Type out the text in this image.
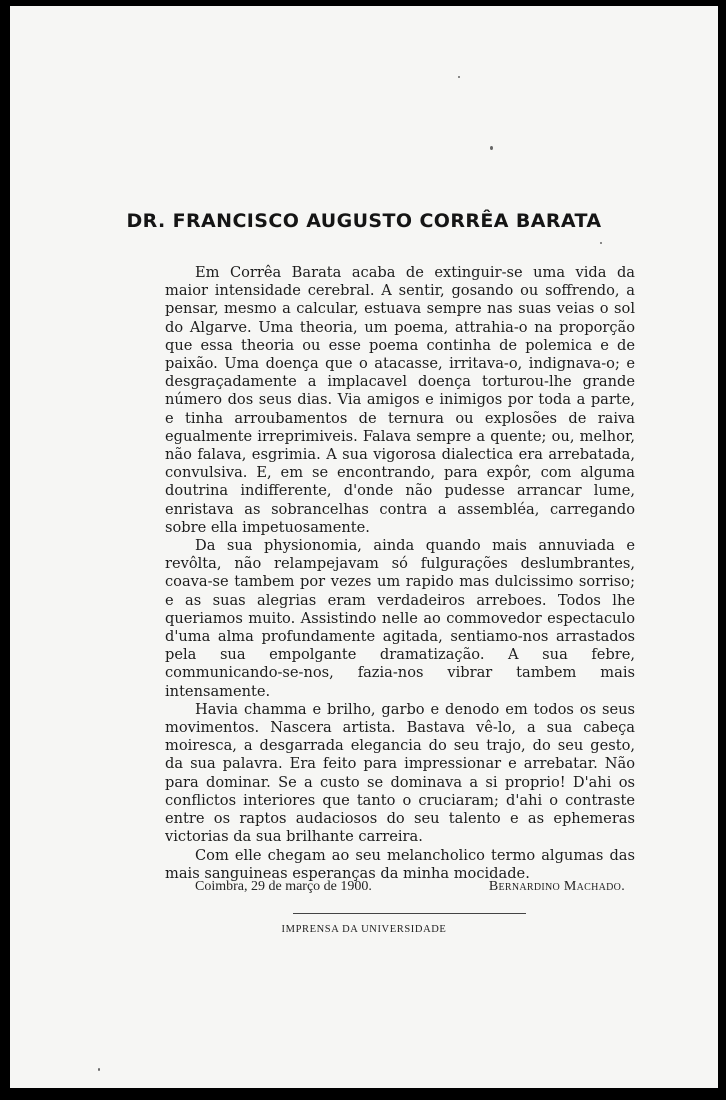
DR. FRANCISCO AUGUSTO CORRÊA BARATA

Em Corrêa Barata acaba de extinguir-se uma vida da maior intensidade cerebral. A sentir, gosando ou soffrendo, a pensar, mesmo a calcular, estuava sempre nas suas veias o sol do Algarve. Uma theoria, um poema, attrahia-o na proporção que essa theoria ou esse poema continha de polemica e de paixão. Uma doença que o atacasse, irritava-o, indignava-o; e desgraçadamente a implacavel doença torturou-lhe grande número dos seus dias. Via amigos e inimigos por toda a parte, e tinha arroubamentos de ternura ou explosões de raiva egualmente irreprimiveis. Falava sempre a quente; ou, melhor, não falava, esgrimia. A sua vigorosa dialectica era arrebatada, convulsiva. E, em se encontrando, para expôr, com alguma doutrina indifferente, d'onde não pudesse arrancar lume, enristava as sobrancelhas contra a assembléa, carregando sobre ella impetuosamente.

Da sua physionomia, ainda quando mais annuviada e revôlta, não relampejavam só fulgurações deslumbrantes, coava-se tambem por vezes um rapido mas dulcissimo sorriso; e as suas alegrias eram verdadeiros arreboes. Todos lhe queriamos muito. Assistindo nelle ao commovedor espectaculo d'uma alma profundamente agitada, sentiamo-nos arrastados pela sua empolgante dramatização. A sua febre, communicando-se-nos, fazia-nos vibrar tambem mais intensamente.

Havia chamma e brilho, garbo e denodo em todos os seus movimentos. Nascera artista. Bastava vê-lo, a sua cabeça moiresca, a desgarrada elegancia do seu trajo, do seu gesto, da sua palavra. Era feito para impressionar e arrebatar. Não para dominar. Se a custo se dominava a si proprio! D'ahi os conflictos interiores que tanto o cruciaram; d'ahi o contraste entre os raptos audaciosos do seu talento e as ephemeras victorias da sua brilhante carreira.

Com elle chegam ao seu melancholico termo algumas das mais sanguineas esperanças da minha mocidade.

Coimbra, 29 de março de 1900.	Bernardino Machado.
IMPRENSA DA UNIVERSIDADE
